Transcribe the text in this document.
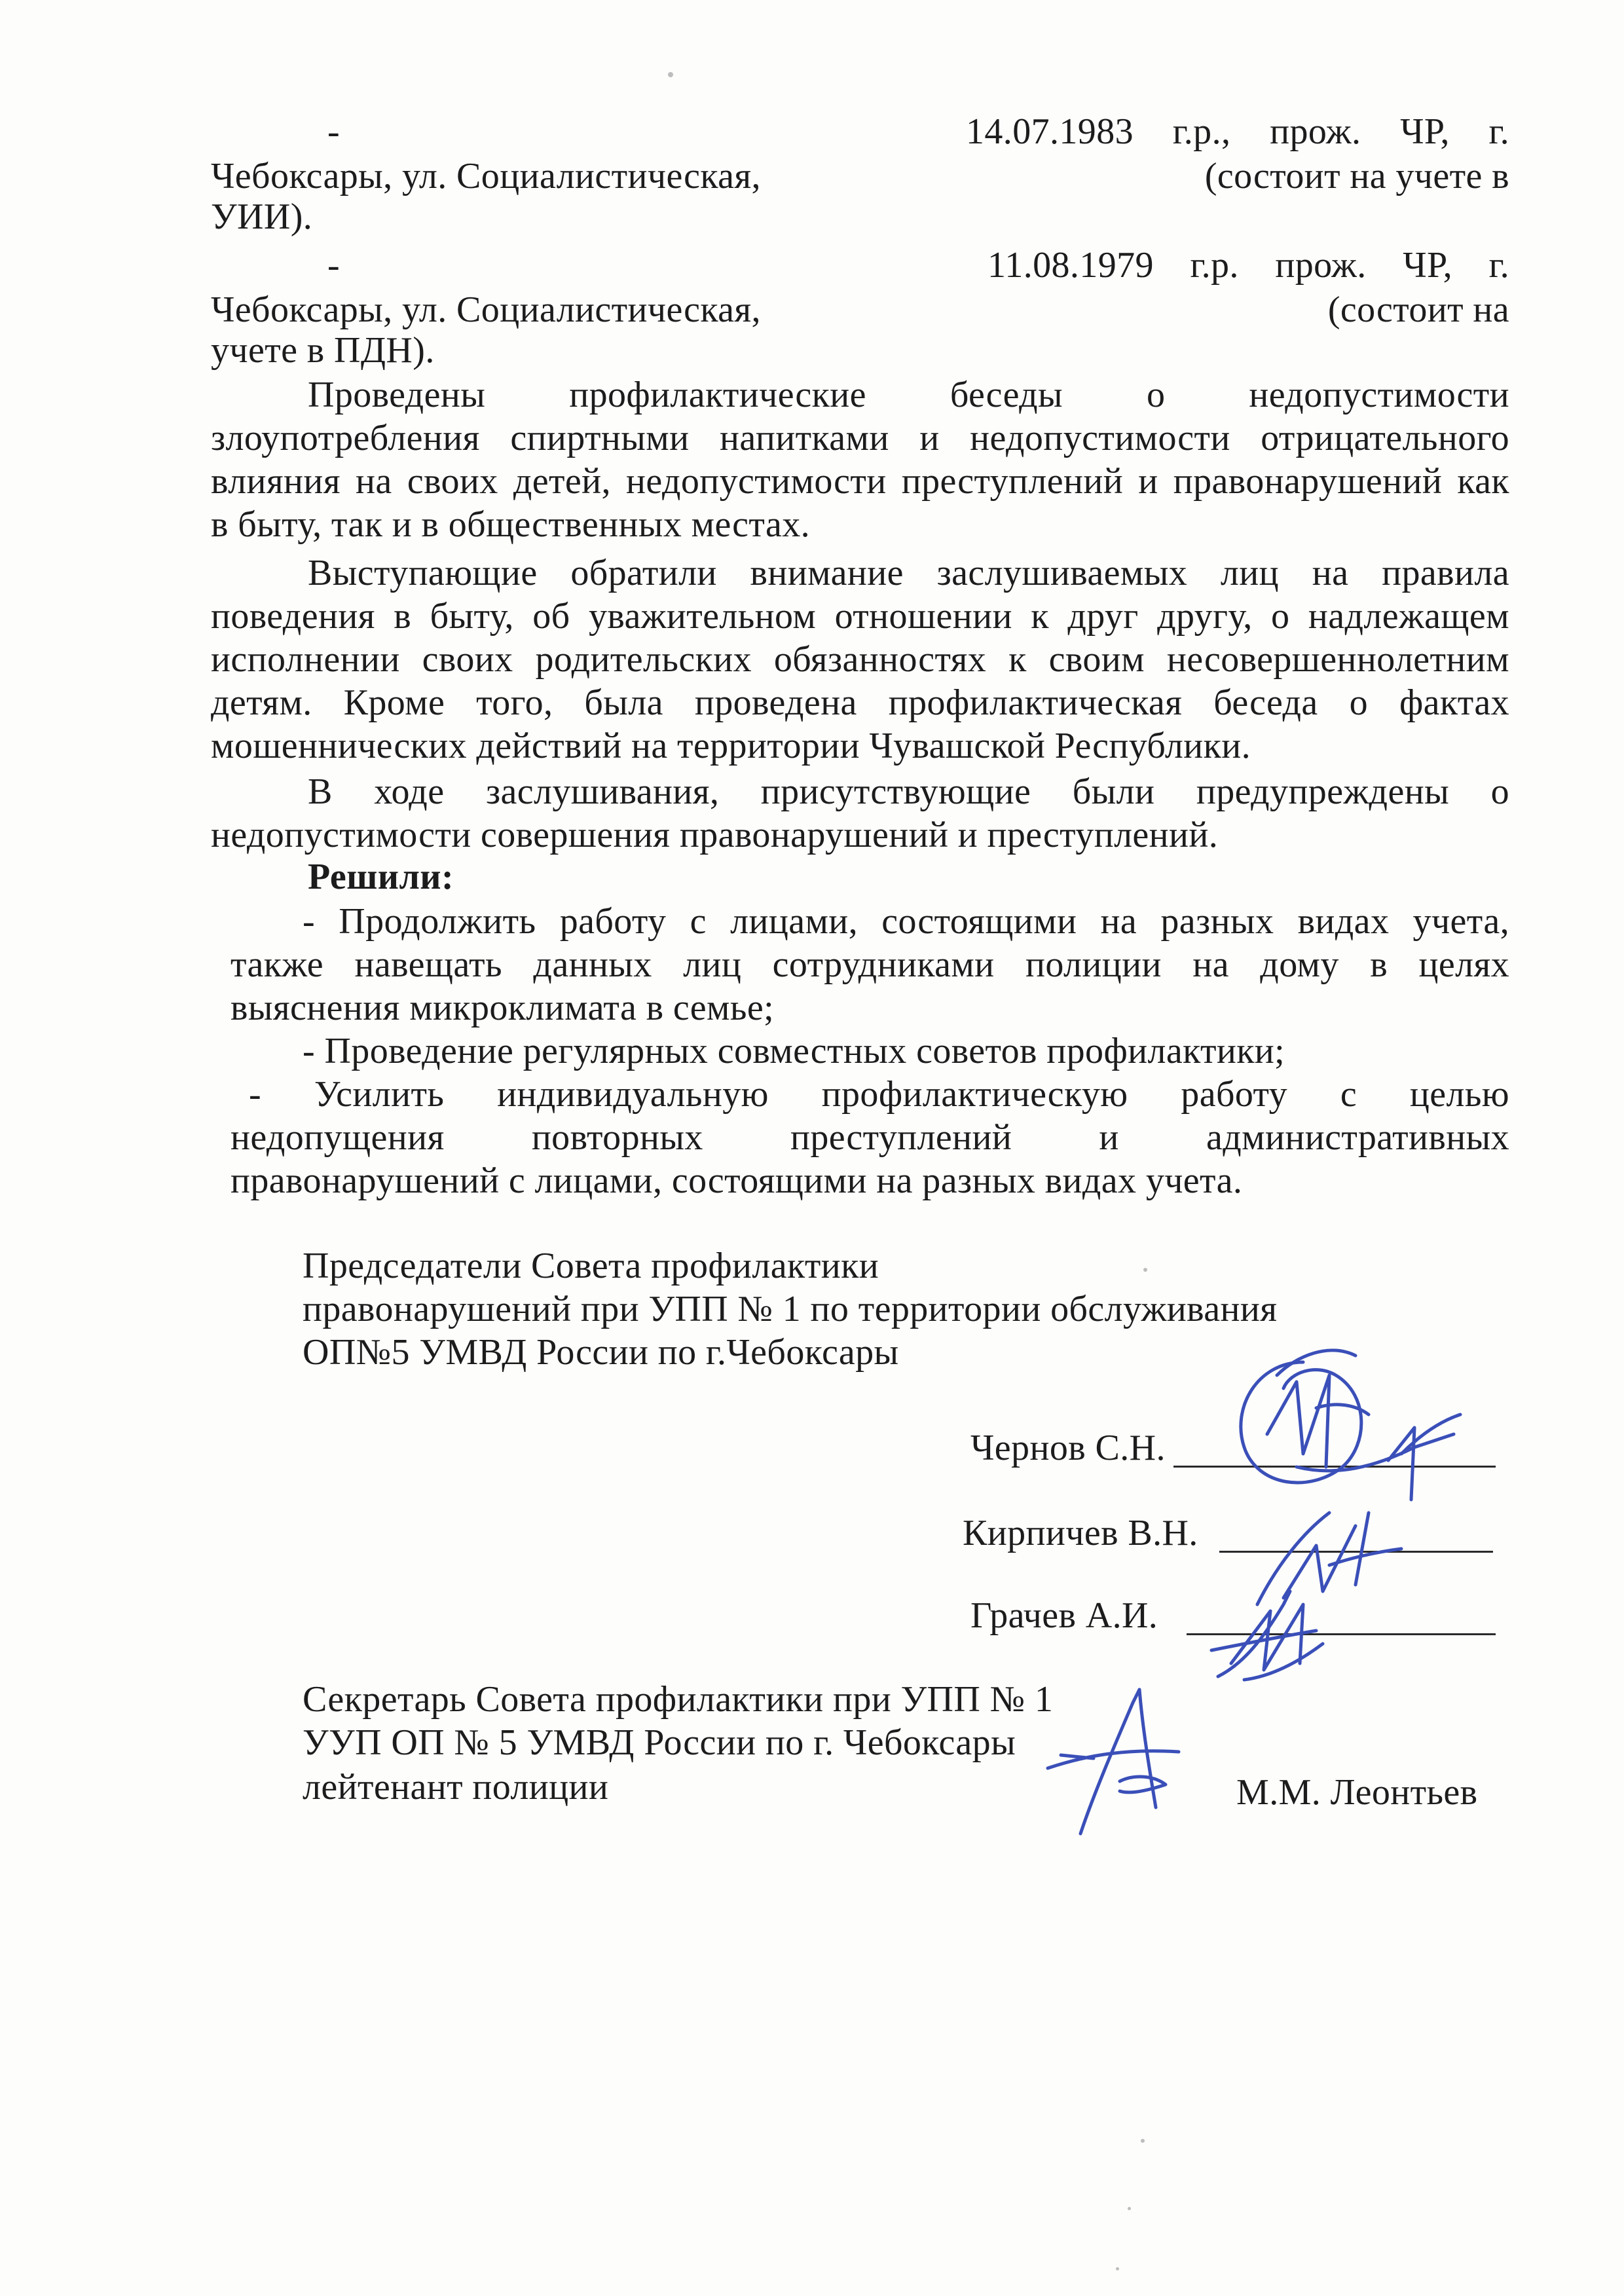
-	14.07.1983 г.р., прож. ЧР, г.
Чебоксары, ул. Социалистическая,	(состоит на учете в
УИИ).
-	11.08.1979 г.р. прож. ЧР, г.
Чебоксары, ул. Социалистическая,	(состоит на
учете в ПДН).
Проведены профилактические беседы о недопустимости
злоупотребления спиртными напитками и недопустимости отрицательного
влияния на своих детей, недопустимости преступлений и правонарушений как
в быту, так и в общественных местах.
Выступающие обратили внимание заслушиваемых лиц на правила
поведения в быту, об уважительном отношении к друг другу, о надлежащем
исполнении своих родительских обязанностях к своим несовершеннолетним
детям. Кроме того, была проведена профилактическая беседа о фактах
мошеннических действий на территории Чувашской Республики.
В ходе заслушивания, присутствующие были предупреждены о
недопустимости совершения правонарушений и преступлений.
Решили:
- Продолжить работу с лицами, состоящими на разных видах учета,
также навещать данных лиц сотрудниками полиции на дому в целях
выяснения микроклимата в семье;
- Проведение регулярных совместных советов профилактики;
- Усилить индивидуальную профилактическую работу с целью
недопущения повторных преступлений и административных
правонарушений с лицами, состоящими на разных видах учета.
Председатели Совета профилактики
правонарушений при УПП № 1 по территории обслуживания
ОП№5 УМВД России по г.Чебоксары
Чернов С.Н.
Кирпичев В.Н.
Грачев А.И.
Секретарь Совета профилактики при УПП № 1
УУП ОП № 5 УМВД России по г. Чебоксары
лейтенант полиции	М.М. Леонтьев
